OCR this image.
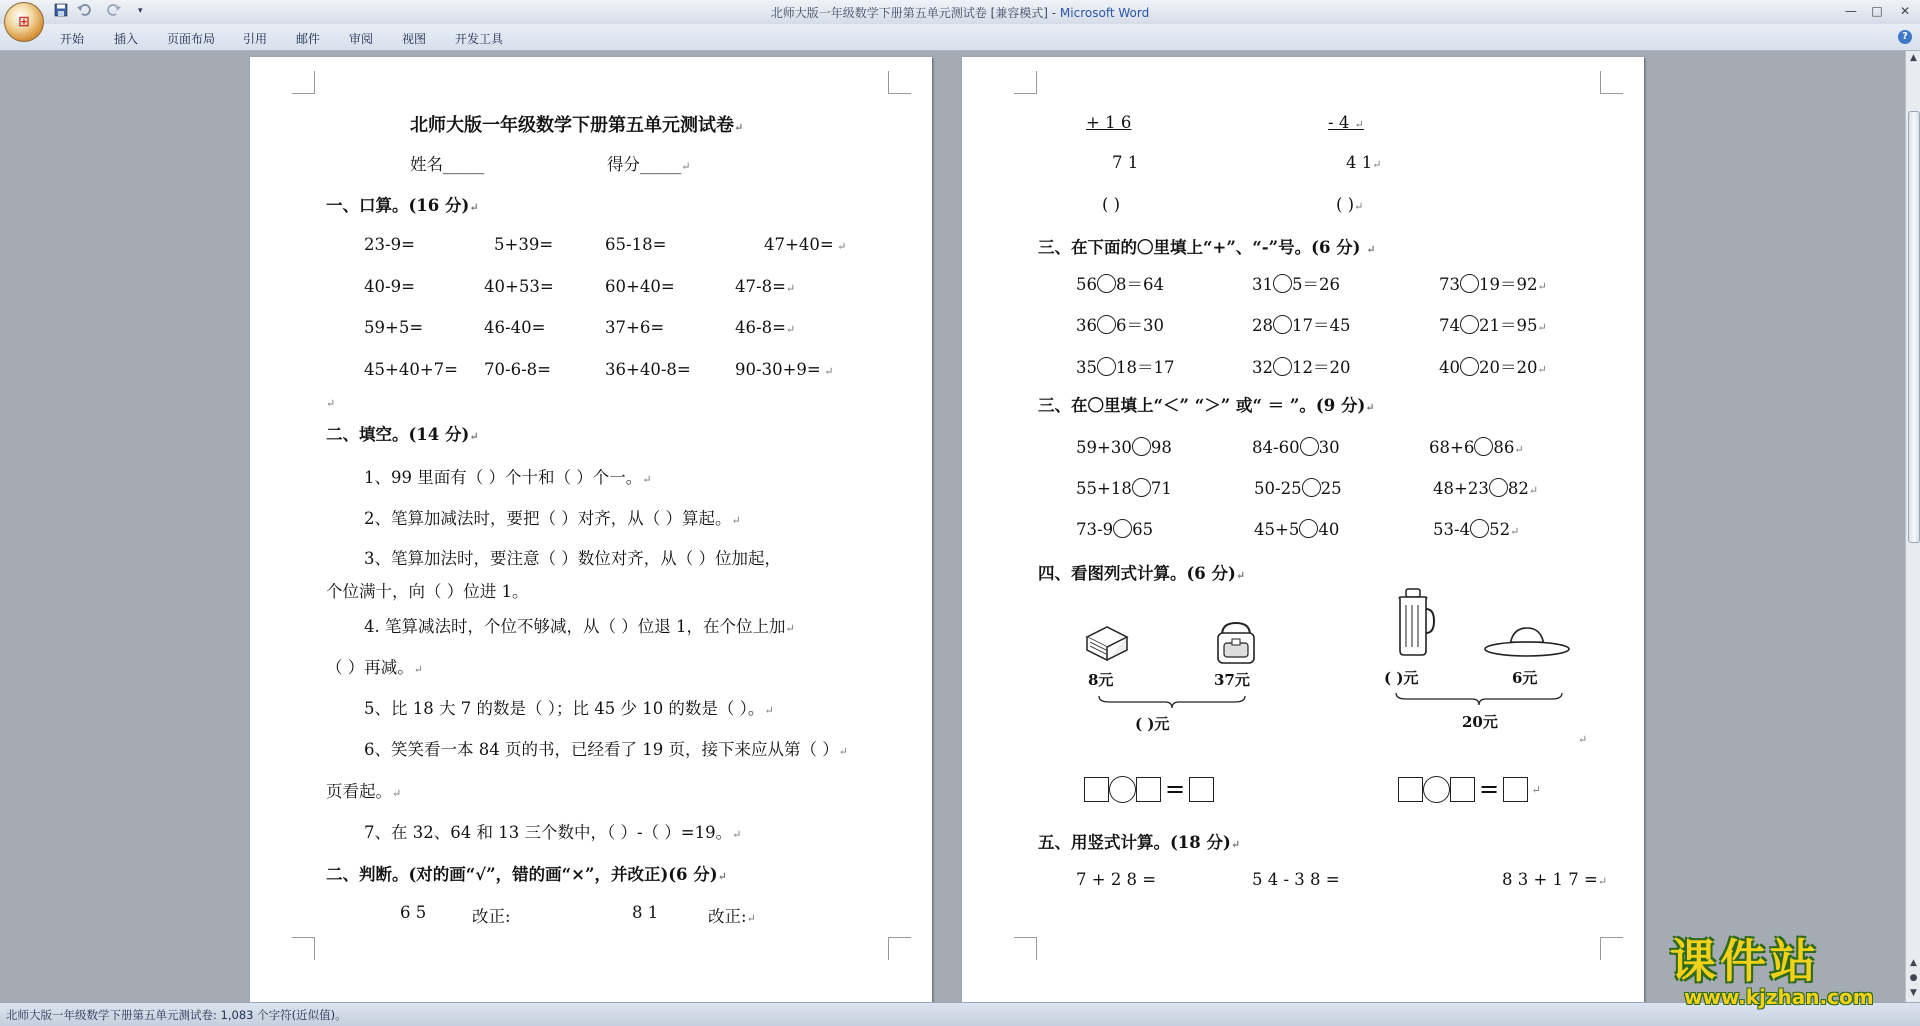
▾	北师大版一年级数学下册第五单元测试卷 [兼容模式] - Microsoft Word	—	□	✕
⊞
开始 插入 页面布局 引用 邮件 审阅 视图 开发工具	?
北师大版一年级数学下册第五单元测试卷↵
姓名_____	得分_____↵
一、口算。(16 分)↵
23-9=	5+39=	65-18=	47+40= ↵
40-9=	40+53=	60+40=	47-8=↵
59+5=	46-40=	37+6=	46-8=↵
45+40+7= 70-6-8=	36+40-8=	90-30+9= ↵
↵
二、填空。(14 分)↵
1、99 里面有（ ）个十和（ ）个一。↵
2、笔算加减法时，要把（ ）对齐，从（ ）算起。↵
3、笔算加法时，要注意（ ）数位对齐，从（ ）位加起，
个位满十，向（ ）位进 1。
4. 笔算减法时，个位不够减，从（ ）位退 1，在个位上加↵
（ ）再减。↵
5、比 18 大 7 的数是（ ）；比 45 少 10 的数是（ ）。↵
6、笑笑看一本 84 页的书，已经看了 19 页，接下来应从第（ ）↵
页看起。↵
7、在 32、64 和 13 三个数中，（ ）-（ ）=19。↵
二、判断。(对的画“√”，错的画“×”，并改正)(6 分)↵
6 5	改正:	8 1	改正:↵
+ 1 6	- 4 ↵
7 1	4 1↵
( )	( )↵
三、在下面的〇里填上“+”、“-”号。(6 分) ↵
56 8＝64	31 5＝26	73 19＝92↵
36 6＝30	28 17＝45	74 21＝95↵
35 18＝17	32 12＝20	40 20＝20↵
三、在〇里填上“＜” “＞” 或“ ＝ ”。(9 分)↵
59+30 98	84-60 30	68+6 86↵
55+18 71	50-25 25	48+23 82↵
73-9 65	45+5 40	53-4 52↵
四、看图列式计算。(6 分)↵
8元	37元
( )元
( )元	6元
20元
↵
=	=	↵
五、用竖式计算。(18 分)↵
7 + 2 8 =	5 4 - 3 8 =	8 3 + 1 7 =↵
▲
▲
●
▼
北师大版一年级数学下册第五单元测试卷: 1,083 个字符(近似值)。
课件站
www.kjzhan.com
